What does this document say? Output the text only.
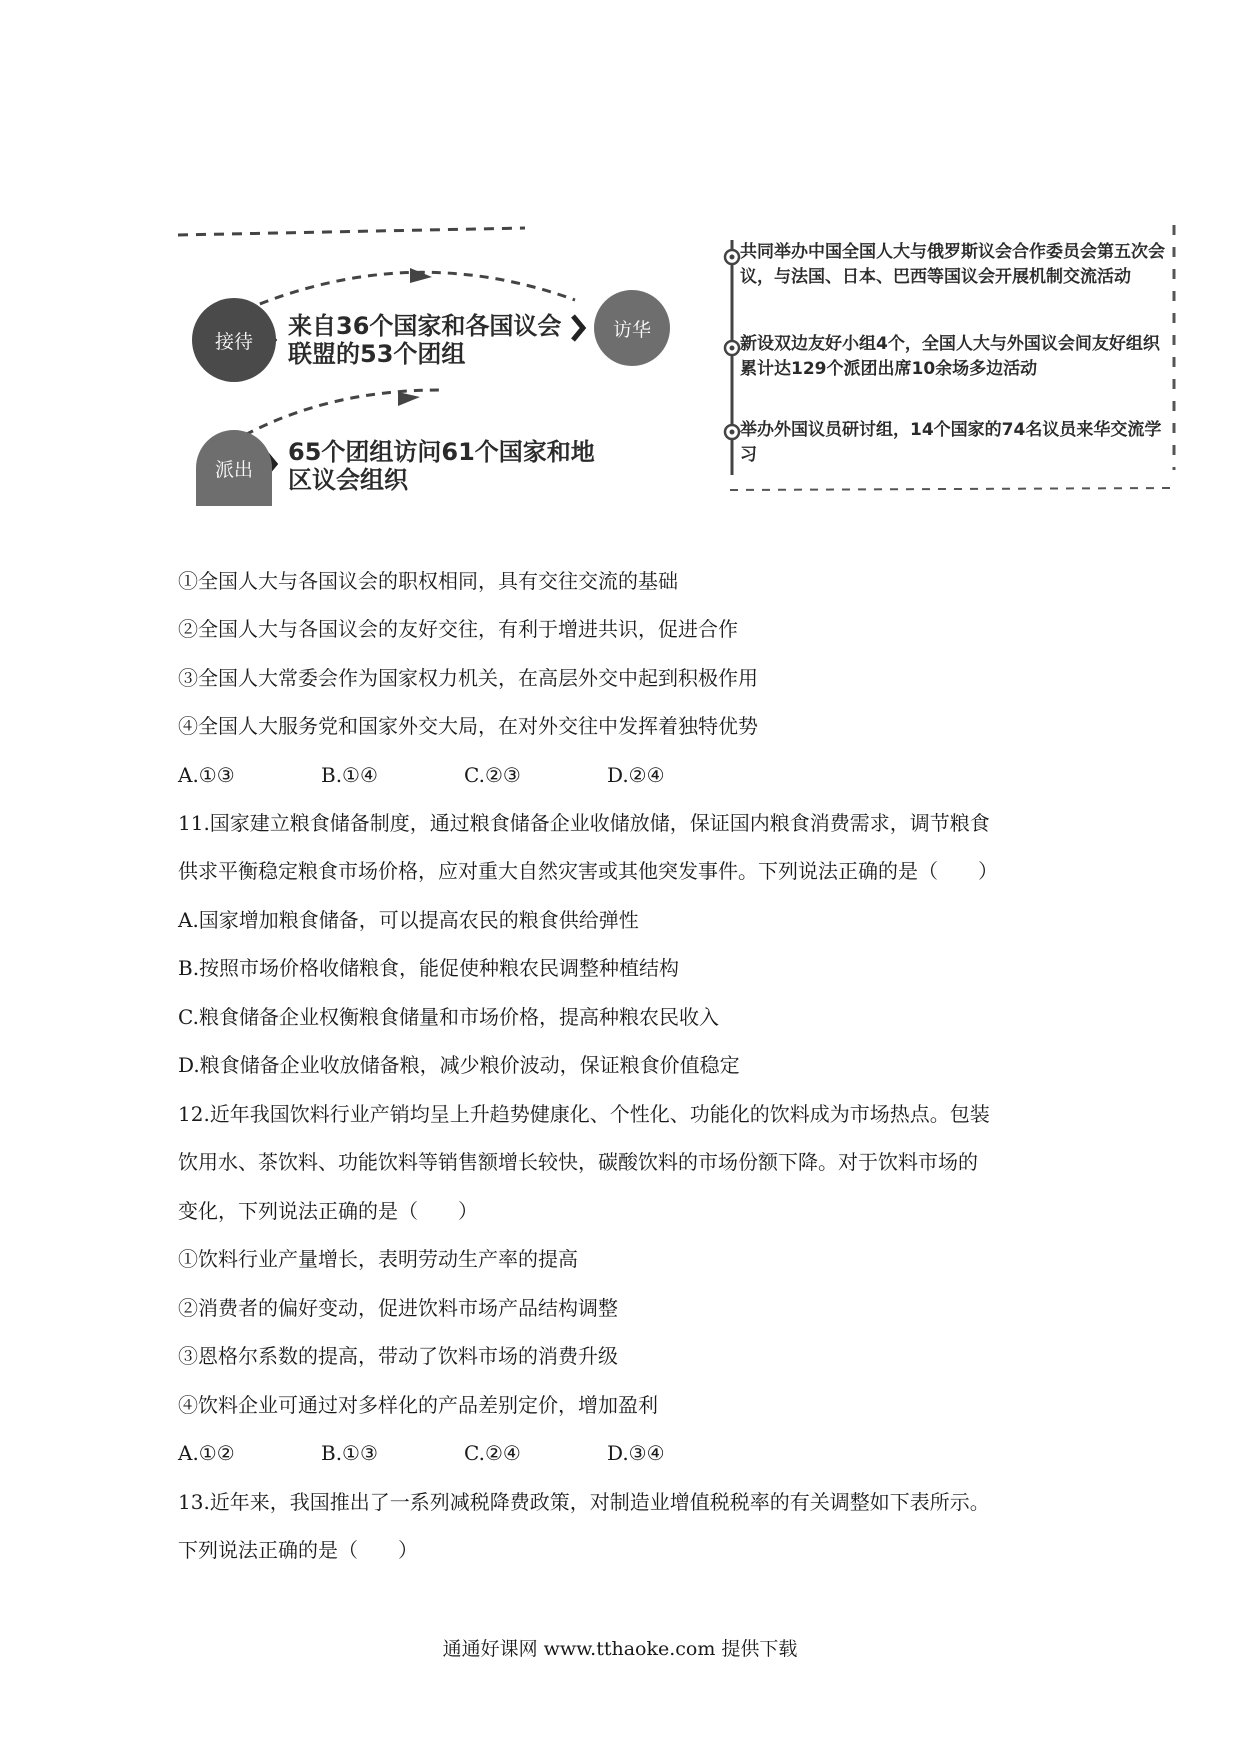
接待
访华
派出
来自36个国家和各国议会联盟的53个团组
65个团组访问61个国家和地区议会组织
共同举办中国全国人大与俄罗斯议会合作委员会第五次会议，与法国、日本、巴西等国议会开展机制交流活动
新设双边友好小组4个，全国人大与外国议会间友好组织累计达129个派团出席10余场多边活动
举办外国议员研讨组，14个国家的74名议员来华交流学习
①全国人大与各国议会的职权相同，具有交往交流的基础
②全国人大与各国议会的友好交往，有利于增进共识，促进合作
③全国人大常委会作为国家权力机关，在高层外交中起到积极作用
④全国人大服务党和国家外交大局，在对外交往中发挥着独特优势
A.①③	B.①④	C.②③	D.②④
11.国家建立粮食储备制度，通过粮食储备企业收储放储，保证国内粮食消费需求，调节粮食
供求平衡稳定粮食市场价格，应对重大自然灾害或其他突发事件。下列说法正确的是（　　）
A.国家增加粮食储备，可以提高农民的粮食供给弹性
B.按照市场价格收储粮食，能促使种粮农民调整种植结构
C.粮食储备企业权衡粮食储量和市场价格，提高种粮农民收入
D.粮食储备企业收放储备粮，减少粮价波动，保证粮食价值稳定
12.近年我国饮料行业产销均呈上升趋势健康化、个性化、功能化的饮料成为市场热点。包装
饮用水、茶饮料、功能饮料等销售额增长较快，碳酸饮料的市场份额下降。对于饮料市场的
变化，下列说法正确的是（　　）
①饮料行业产量增长，表明劳动生产率的提高
②消费者的偏好变动，促进饮料市场产品结构调整
③恩格尔系数的提高，带动了饮料市场的消费升级
④饮料企业可通过对多样化的产品差别定价，增加盈利
A.①②	B.①③	C.②④	D.③④
13.近年来，我国推出了一系列减税降费政策，对制造业增值税税率的有关调整如下表所示。
下列说法正确的是（　　）
通通好课网 www.tthaoke.com 提供下载
